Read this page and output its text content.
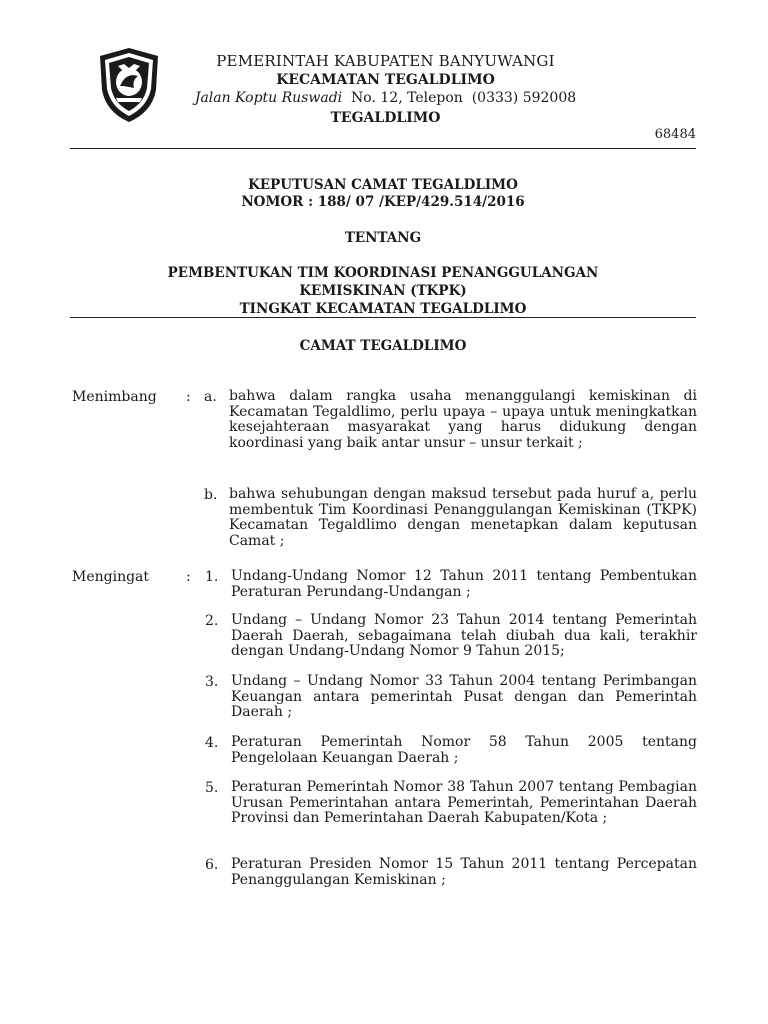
PEMERINTAH KABUPATEN BANYUWANGI
KECAMATAN TEGALDLIMO
Jalan Koptu Ruswadi  No. 12, Telepon  (0333) 592008
TEGALDLIMO
68484
KEPUTUSAN CAMAT TEGALDLIMO
NOMOR : 188/ 07 /KEP/429.514/2016
TENTANG
PEMBENTUKAN TIM KOORDINASI PENANGGULANGAN
KEMISKINAN (TKPK)
TINGKAT KECAMATAN TEGALDLIMO
CAMAT TEGALDLIMO
Menimbang : a. bahwa dalam rangka usaha menanggulangi kemiskinan di Kecamatan Tegaldlimo, perlu upaya – upaya untuk meningkatkan kesejahteraan masyarakat yang harus didukung dengan koordinasi yang baik antar unsur – unsur terkait ;
b. bahwa sehubungan dengan maksud tersebut pada huruf a, perlu membentuk Tim Koordinasi Penanggulangan Kemiskinan (TKPK) Kecamatan Tegaldlimo dengan menetapkan dalam keputusan Camat ;
Mengingat	: 1. Undang-Undang Nomor 12 Tahun 2011 tentang Pembentukan Peraturan Perundang-Undangan ;
2. Undang – Undang Nomor 23 Tahun 2014 tentang Pemerintah Daerah Daerah, sebagaimana telah diubah dua kali, terakhir dengan Undang-Undang Nomor 9 Tahun 2015;
3. Undang – Undang Nomor 33 Tahun 2004 tentang Perimbangan Keuangan antara pemerintah Pusat dengan dan Pemerintah Daerah ;
4. Peraturan Pemerintah Nomor 58 Tahun 2005 tentang Pengelolaan Keuangan Daerah ;
5. Peraturan Pemerintah Nomor 38 Tahun 2007 tentang Pembagian Urusan Pemerintahan antara Pemerintah, Pemerintahan Daerah Provinsi dan Pemerintahan Daerah Kabupaten/Kota ;
6. Peraturan Presiden Nomor 15 Tahun 2011 tentang Percepatan Penanggulangan Kemiskinan ;
